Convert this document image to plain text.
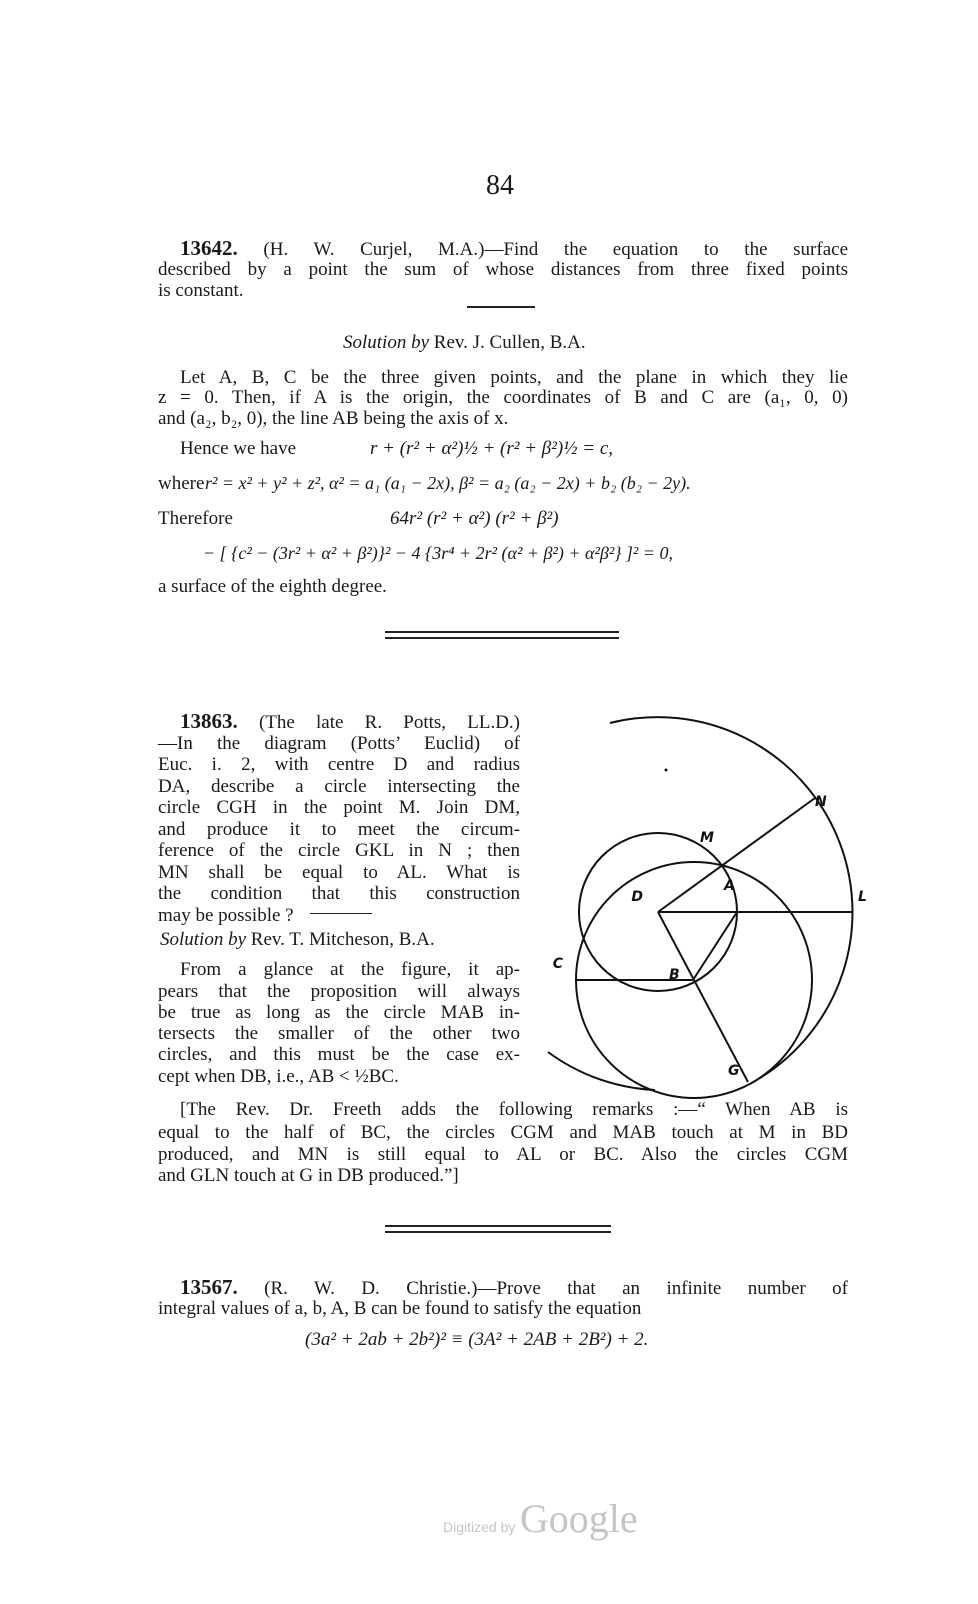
84
13642. (H. W. Curjel, M.A.)—Find the equation to the surface
described by a point the sum of whose distances from three fixed points
is constant.
Solution by Rev. J. Cullen, B.A.
Let A, B, C be the three given points, and the plane in which they lie
z = 0. Then, if A is the origin, the coordinates of B and C are (a₁, 0, 0)
and (a₂, b₂, 0), the line AB being the axis of x.
Hence we have	r + (r² + α²)½ + (r² + β²)½ = c,
where r² = x² + y² + z², α² = a₁ (a₁ − 2x), β² = a₂ (a₂ − 2x) + b₂ (b₂ − 2y).
Therefore	64r² (r² + α²) (r² + β²)
− [ {c² − (3r² + α² + β²)}² − 4 {3r⁴ + 2r² (α² + β²) + α²β²} ]² = 0,
a surface of the eighth degree.
13863. (The late R. Potts, LL.D.)
—In the diagram (Potts’ Euclid) of
Euc. i. 2, with centre D and radius
DA, describe a circle intersecting the
circle CGH in the point M. Join DM,
and produce it to meet the circum-
ference of the circle GKL in N ; then
MN shall be equal to AL. What is
the condition that this construction
may be possible ?
Solution by Rev. T. Mitcheson, B.A.
From a glance at the figure, it ap-
pears that the proposition will always
be true as long as the circle MAB in-
tersects the smaller of the other two
circles, and this must be the case ex-
cept when DB, i.e., AB < ½BC.
[The Rev. Dr. Freeth adds the following remarks :—“ When AB is
equal to the half of BC, the circles CGM and MAB touch at M in BD
produced, and MN is still equal to AL or BC. Also the circles CGM
and GLN touch at G in DB produced.”]
N
M
A
D	L
C
B
G
13567. (R. W. D. Christie.)—Prove that an infinite number of
integral values of a, b, A, B can be found to satisfy the equation
(3a² + 2ab + 2b²)² ≡ (3A² + 2AB + 2B²) + 2.
Digitized by Google
